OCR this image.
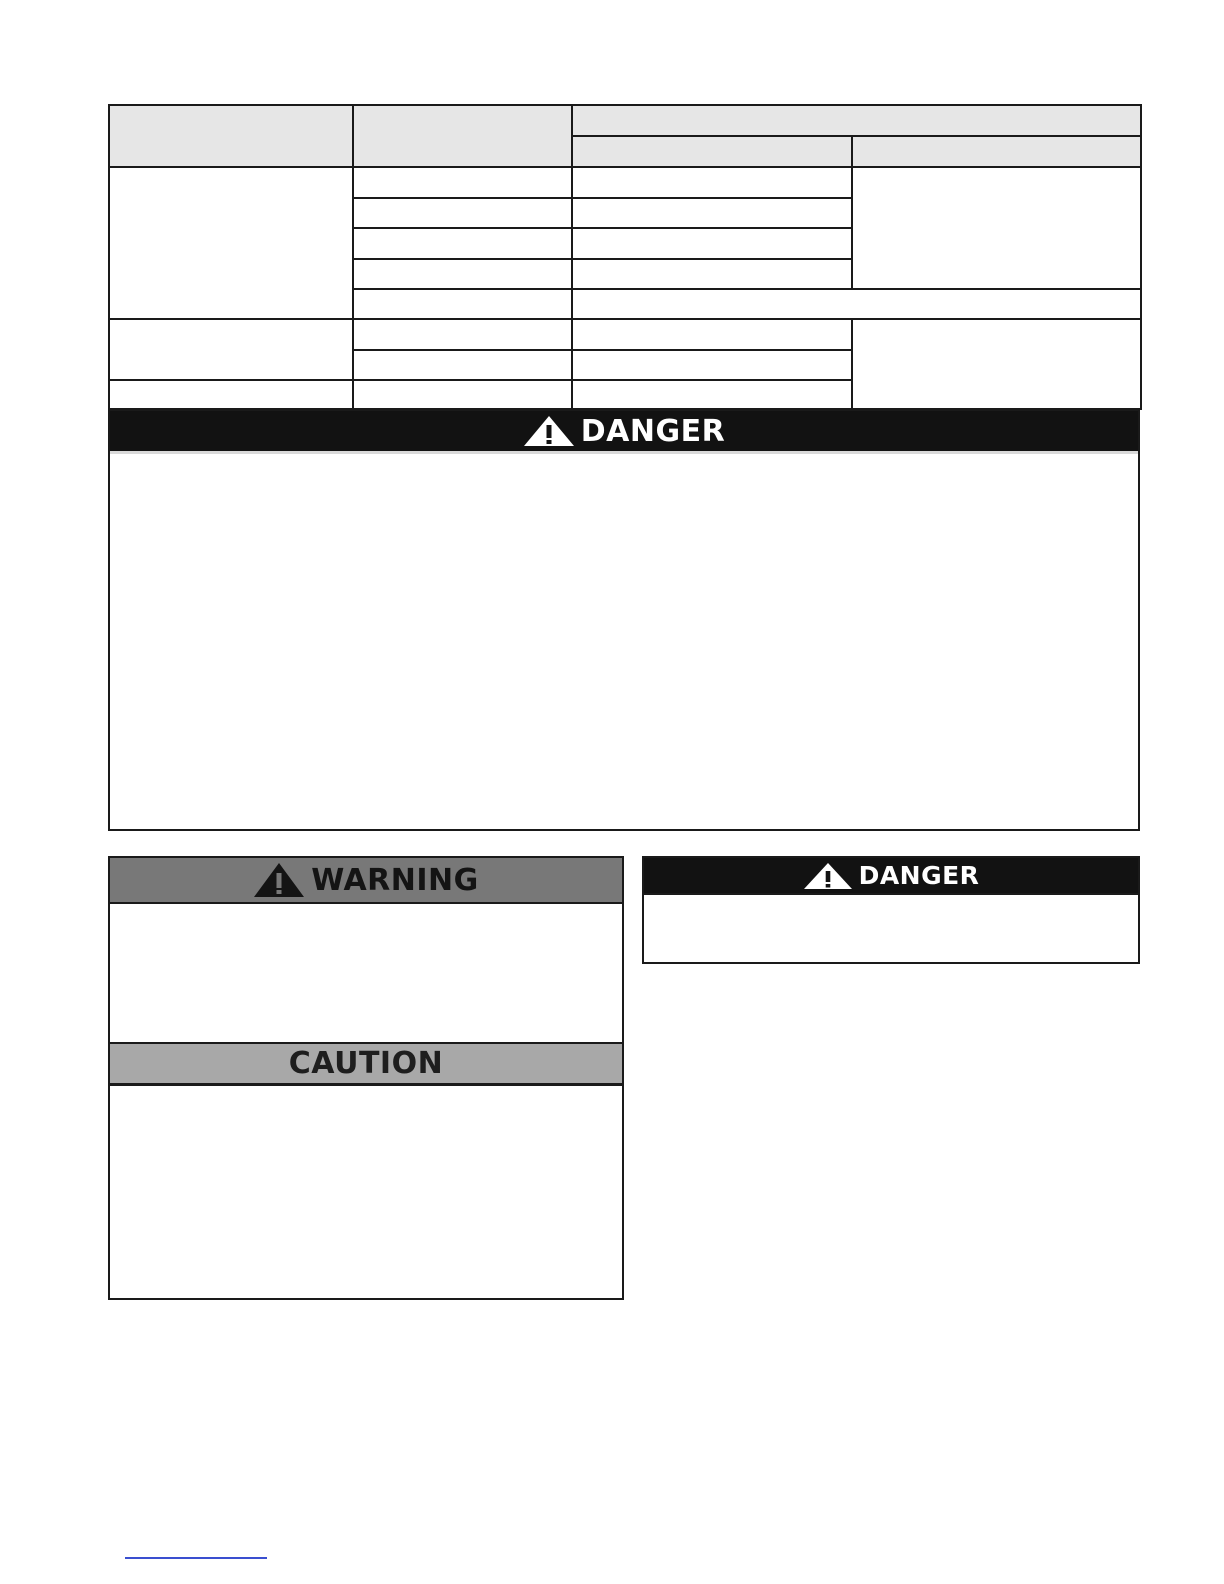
DANGER
WARNING
CAUTION
DANGER
